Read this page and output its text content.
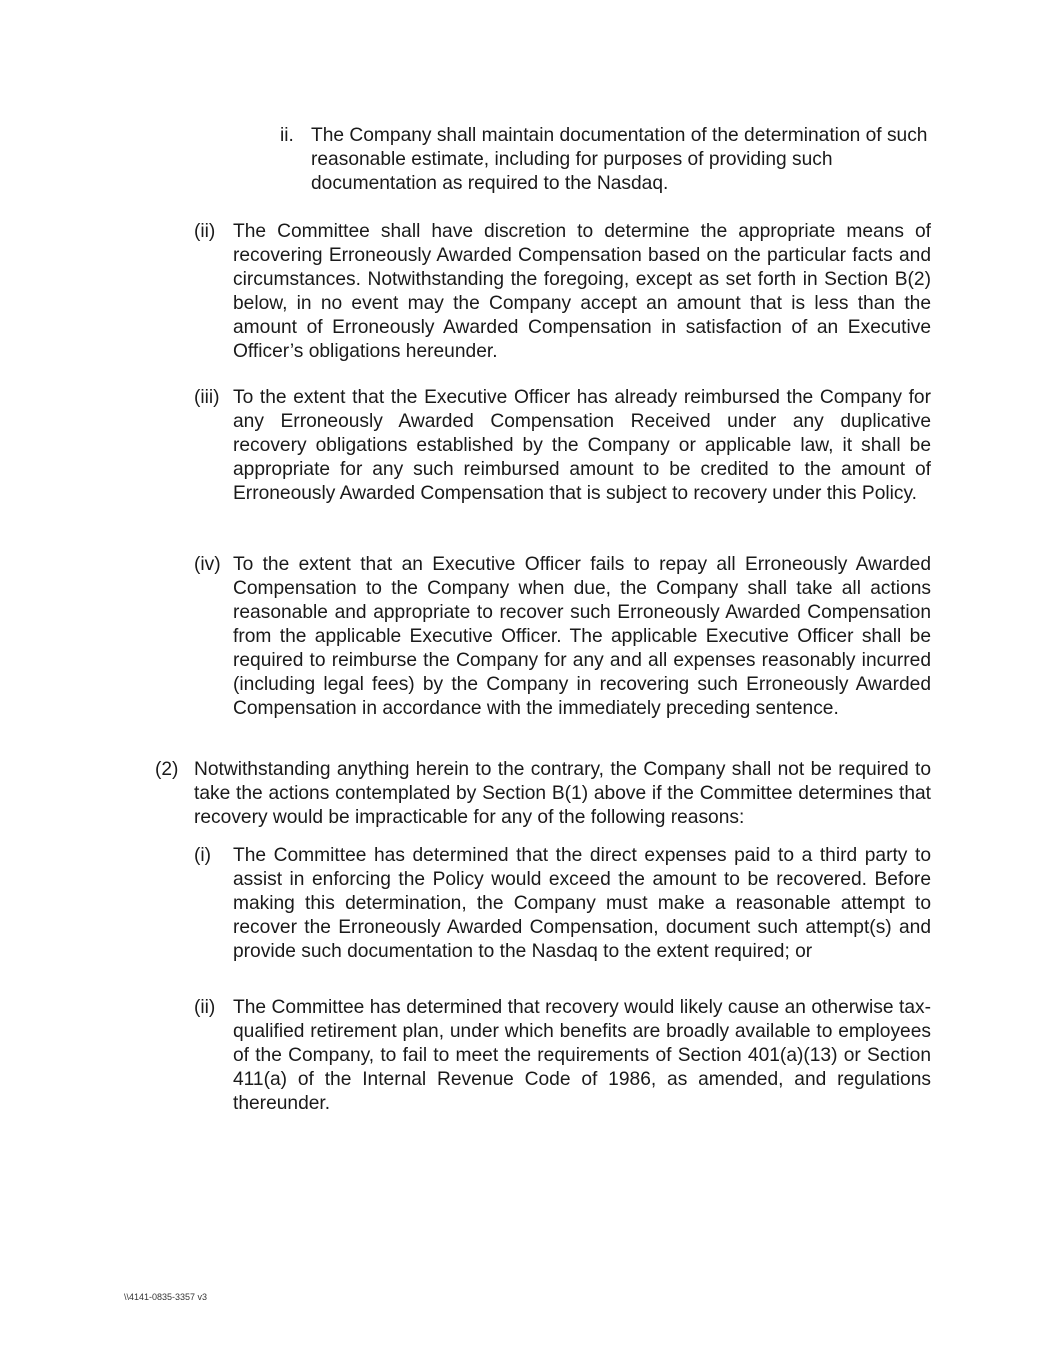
ii. The Company shall maintain documentation of the determination of such reasonable estimate, including for purposes of providing such documentation as required to the Nasdaq.
(ii) The Committee shall have discretion to determine the appropriate means of recovering Erroneously Awarded Compensation based on the particular facts and circumstances. Notwithstanding the foregoing, except as set forth in Section B(2) below, in no event may the Company accept an amount that is less than the amount of Erroneously Awarded Compensation in satisfaction of an Executive Officer’s obligations hereunder.
(iii) To the extent that the Executive Officer has already reimbursed the Company for any Erroneously Awarded Compensation Received under any duplicative recovery obligations established by the Company or applicable law, it shall be appropriate for any such reimbursed amount to be credited to the amount of Erroneously Awarded Compensation that is subject to recovery under this Policy.
(iv) To the extent that an Executive Officer fails to repay all Erroneously Awarded Compensation to the Company when due, the Company shall take all actions reasonable and appropriate to recover such Erroneously Awarded Compensation from the applicable Executive Officer. The applicable Executive Officer shall be required to reimburse the Company for any and all expenses reasonably incurred (including legal fees) by the Company in recovering such Erroneously Awarded Compensation in accordance with the immediately preceding sentence.
(2) Notwithstanding anything herein to the contrary, the Company shall not be required to take the actions contemplated by Section B(1) above if the Committee determines that recovery would be impracticable for any of the following reasons:
(i) The Committee has determined that the direct expenses paid to a third party to assist in enforcing the Policy would exceed the amount to be recovered. Before making this determination, the Company must make a reasonable attempt to recover the Erroneously Awarded Compensation, document such attempt(s) and provide such documentation to the Nasdaq to the extent required; or
(ii) The Committee has determined that recovery would likely cause an otherwise tax-qualified retirement plan, under which benefits are broadly available to employees of the Company, to fail to meet the requirements of Section 401(a)(13) or Section 411(a) of the Internal Revenue Code of 1986, as amended, and regulations thereunder.
\\4141-0835-3357 v3
